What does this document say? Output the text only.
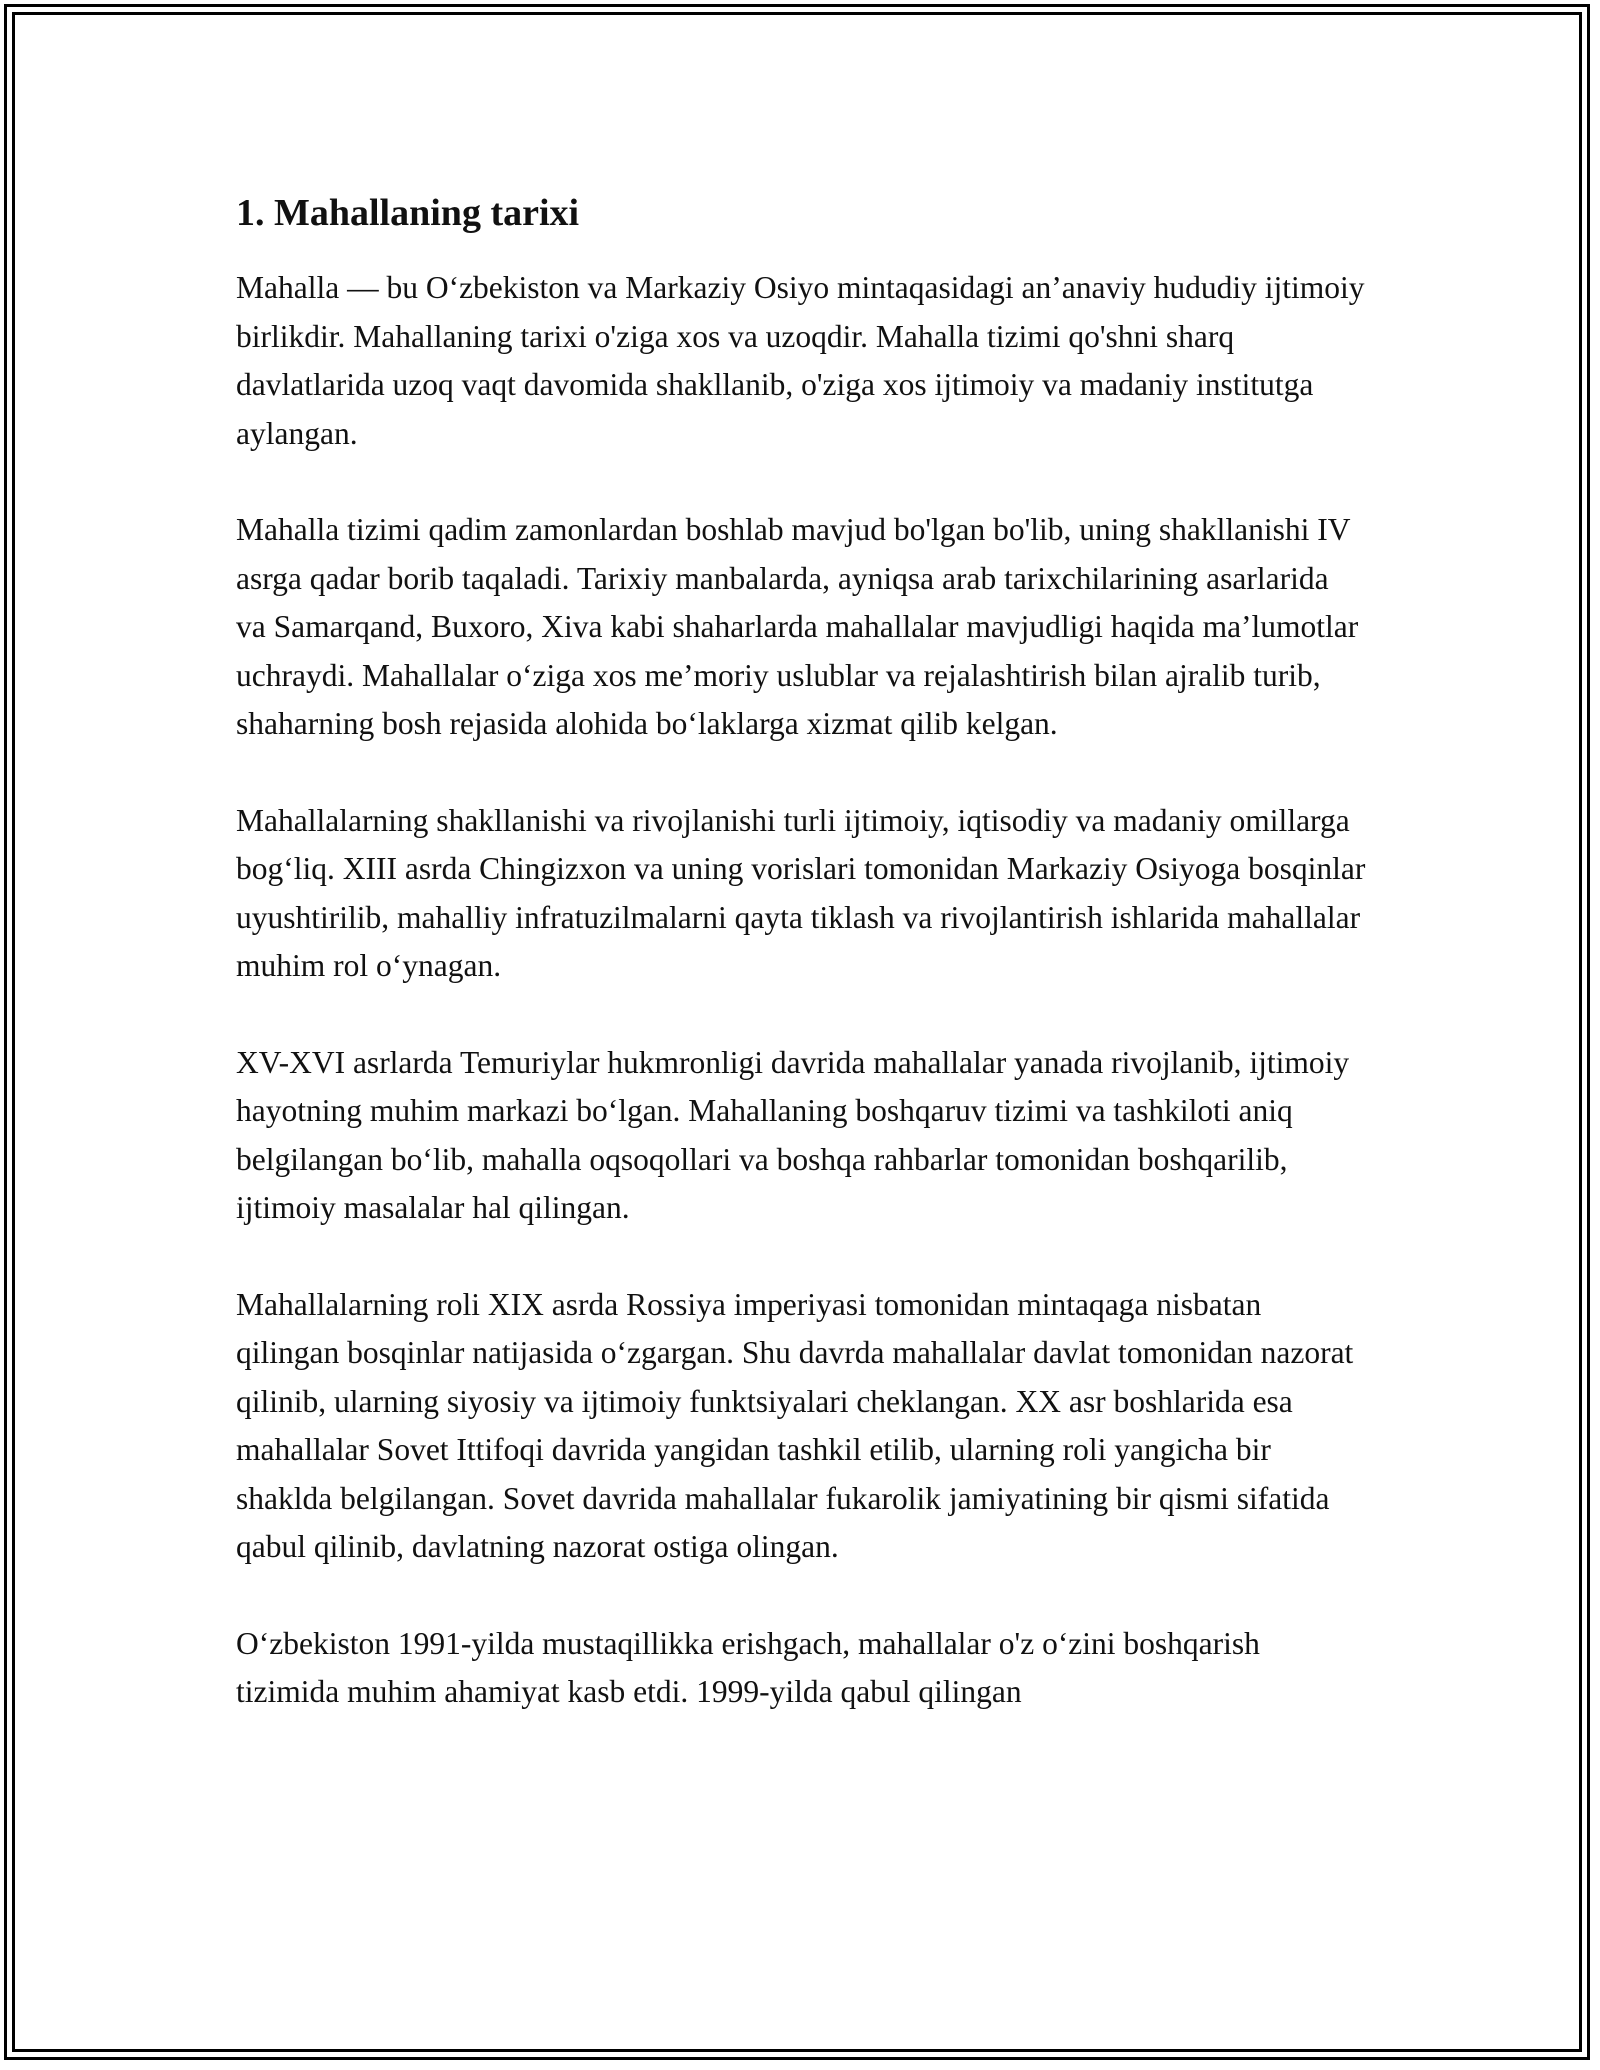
1. Mahallaning tarixi

Mahalla — bu O‘zbekiston va Markaziy Osiyo mintaqasidagi an’anaviy hududiy ijtimoiy birlikdir. Mahallaning tarixi o'ziga xos va uzoqdir. Mahalla tizimi qo'shni sharq davlatlarida uzoq vaqt davomida shakllanib, o'ziga xos ijtimoiy va madaniy institutga aylangan.

Mahalla tizimi qadim zamonlardan boshlab mavjud bo'lgan bo'lib, uning shakllanishi IV asrga qadar borib taqaladi. Tarixiy manbalarda, ayniqsa arab tarixchilarining asarlarida va Samarqand, Buxoro, Xiva kabi shaharlarda mahallalar mavjudligi haqida ma’lumotlar uchraydi. Mahallalar o‘ziga xos me’moriy uslublar va rejalashtirish bilan ajralib turib, shaharning bosh rejasida alohida bo‘laklarga xizmat qilib kelgan.

Mahallalarning shakllanishi va rivojlanishi turli ijtimoiy, iqtisodiy va madaniy omillarga bog‘liq. XIII asrda Chingizxon va uning vorislari tomonidan Markaziy Osiyoga bosqinlar uyushtirilib, mahalliy infratuzilmalarni qayta tiklash va rivojlantirish ishlarida mahallalar muhim rol o‘ynagan.

XV-XVI asrlarda Temuriylar hukmronligi davrida mahallalar yanada rivojlanib, ijtimoiy hayotning muhim markazi bo‘lgan. Mahallaning boshqaruv tizimi va tashkiloti aniq belgilangan bo‘lib, mahalla oqsoqollari va boshqa rahbarlar tomonidan boshqarilib, ijtimoiy masalalar hal qilingan.

Mahallalarning roli XIX asrda Rossiya imperiyasi tomonidan mintaqaga nisbatan qilingan bosqinlar natijasida o‘zgargan. Shu davrda mahallalar davlat tomonidan nazorat qilinib, ularning siyosiy va ijtimoiy funktsiyalari cheklangan. XX asr boshlarida esa mahallalar Sovet Ittifoqi davrida yangidan tashkil etilib, ularning roli yangicha bir shaklda belgilangan. Sovet davrida mahallalar fukarolik jamiyatining bir qismi sifatida qabul qilinib, davlatning nazorat ostiga olingan.

O‘zbekiston 1991-yilda mustaqillikka erishgach, mahallalar o'z o‘zini boshqarish tizimida muhim ahamiyat kasb etdi. 1999-yilda qabul qilingan
